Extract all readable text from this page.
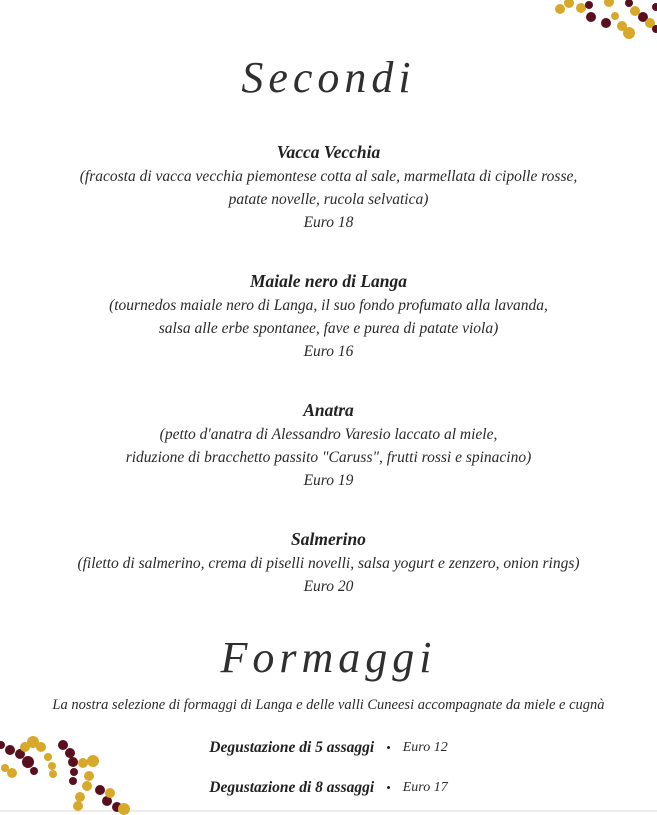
Secondi
Vacca Vecchia
(fracosta di vacca vecchia piemontese cotta al sale, marmellata di cipolle rosse,
patate novelle, rucola selvatica)
Euro 18
Maiale nero di Langa
(tournedos maiale nero di Langa, il suo fondo profumato alla lavanda,
salsa alle erbe spontanee, fave e purea di patate viola)
Euro 16
Anatra
(petto d'anatra di Alessandro Varesio laccato al miele,
riduzione di bracchetto passito "Caruss", frutti rossi e spinacino)
Euro 19
Salmerino
(filetto di salmerino, crema di piselli novelli, salsa yogurt e zenzero, onion rings)
Euro 20
Formaggi
La nostra selezione di formaggi di Langa e delle valli Cuneesi accompagnate da miele e cugnà
Degustazione di 5 assaggi • Euro 12
Degustazione di 8 assaggi • Euro 17
